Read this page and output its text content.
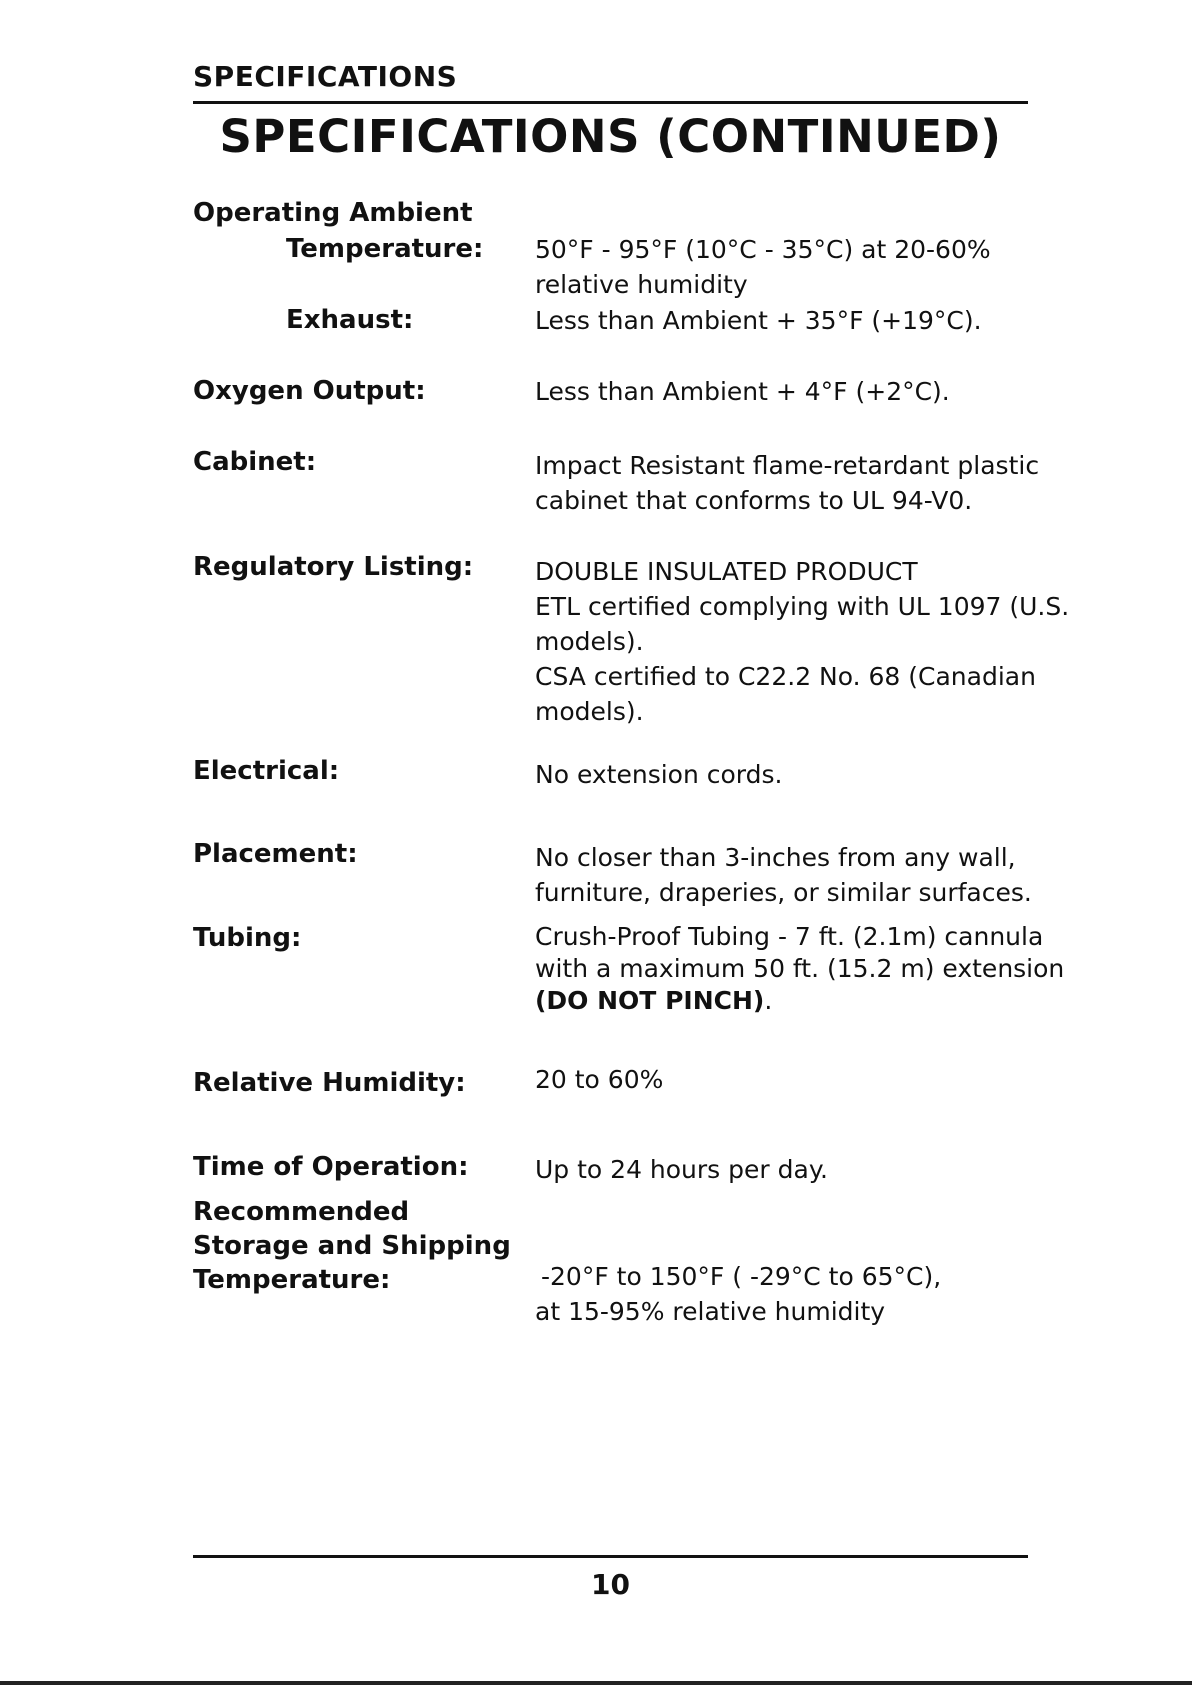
SPECIFICATIONS
SPECIFICATIONS (CONTINUED)
Operating Ambient
Temperature: 50°F - 95°F (10°C - 35°C) at 20-60%
relative humidity
Exhaust:	Less than Ambient + 35°F (+19°C).
Oxygen Output:	Less than Ambient + 4°F (+2°C).
Cabinet:	Impact Resistant flame-retardant plastic
cabinet that conforms to UL 94-V0.
Regulatory Listing: DOUBLE INSULATED PRODUCT
ETL certified complying with UL 1097 (U.S.
models).
CSA certified to C22.2 No. 68 (Canadian
models).
Electrical:	No extension cords.
Placement:	No closer than 3-inches from any wall,
furniture, draperies, or similar surfaces.
Tubing:	Crush-Proof Tubing - 7 ft. (2.1m) cannula
with a maximum 50 ft. (15.2 m) extension
(DO NOT PINCH).
Relative Humidity:	20 to 60%
Time of Operation:	Up to 24 hours per day.
Recommended
Storage and Shipping
Temperature:	-20°F to 150°F ( -29°C to 65°C),
at 15-95% relative humidity
10
